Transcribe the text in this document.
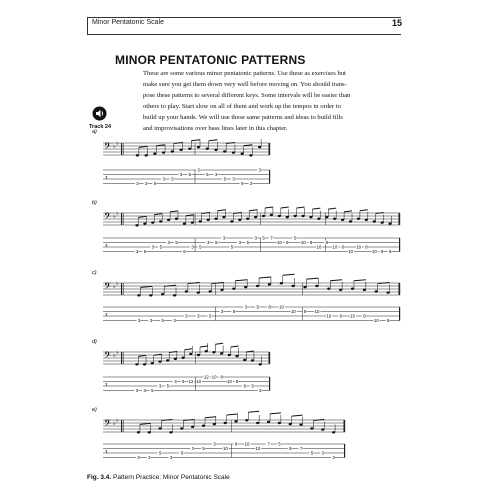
Minor Pentatonic Scale	15
MINOR PENTATONIC PATTERNS
These are some various minor pentatonic patterns. Use these as exercises but
make sure you get them down very well before moving on. You should trans-
pose these patterns to several different keys. Some intervals will be easier than
others to play. Start slow on all of them and work up the tempos in order to
build up your hands. We will use these same patterns and ideas to build fills
and improvisations over bass lines later in this chapter.
Track 24
a)
𝄢 ♭ ♭
T
3 3 6
3 5
3 5
3
5 3
5 3
6 3
3
b)
𝄢 ♭ ♭
T
3 6
3 5
3 5
6
3 5
3 5
3
5
3 5
3 5 7
10 8
5
10 8
10
8
10 8
10
10 8
10 8 6
c)
𝄢 ♭ ♭
T
3 3 5 3
5 3 5
3 5
3 5 8 10
10 8 10
10 8 10 8
10 8
d)
𝄢 ♭ ♭
T
3 3 5
3 5
3 5 12 10
12 10 8
10 8
6 5
3
e)
𝄢 ♭ ♭
T
3 3
5
3
5
3 5
3
10
8 10
10
7 5
8 7
5 3
3
Fig. 3.4. Pattern Practice: Minor Pentatonic Scale
